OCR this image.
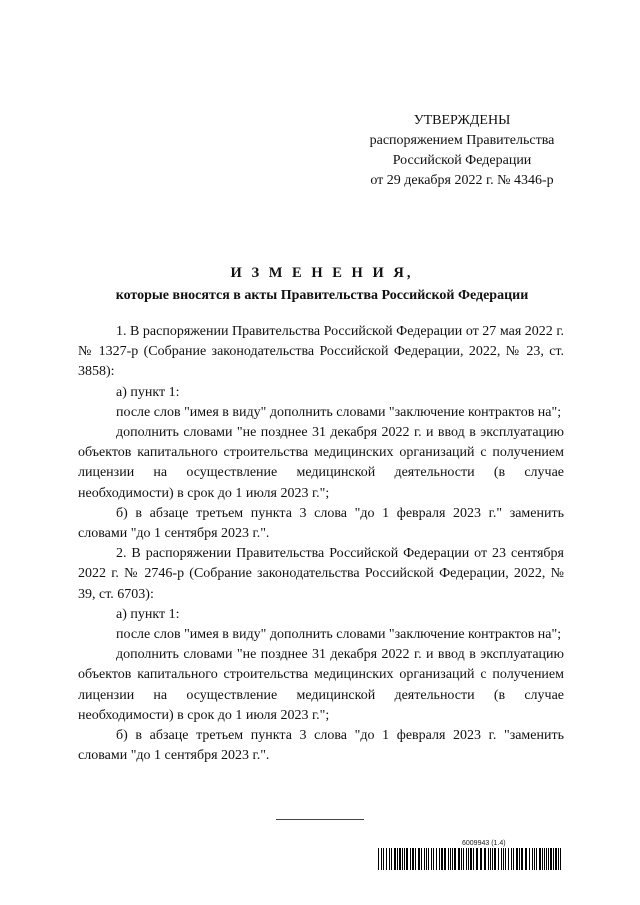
УТВЕРЖДЕНЫ
распоряжением Правительства
Российской Федерации
от 29 декабря 2022 г. № 4346-р
И З М Е Н Е Н И Я,
которые вносятся в акты Правительства Российской Федерации

1. В распоряжении Правительства Российской Федерации от 27 мая 2022 г. № 1327-р (Собрание законодательства Российской Федерации, 2022, № 23, ст. 3858):

а) пункт 1:

после слов "имея в виду" дополнить словами "заключение контрактов на";

дополнить словами "не позднее 31 декабря 2022 г. и ввод в эксплуатацию объектов капитального строительства медицинских организаций с получением лицензии на осуществление медицинской деятельности (в случае необходимости) в срок до 1 июля 2023 г.";

б) в абзаце третьем пункта 3 слова "до 1 февраля 2023 г." заменить словами "до 1 сентября 2023 г.".

2. В распоряжении Правительства Российской Федерации от 23 сентября 2022 г. № 2746-р (Собрание законодательства Российской Федерации, 2022, № 39, ст. 6703):

а) пункт 1:

после слов "имея в виду" дополнить словами "заключение контрактов на";

дополнить словами "не позднее 31 декабря 2022 г. и ввод в эксплуатацию объектов капитального строительства медицинских организаций с получением лицензии на осуществление медицинской деятельности (в случае необходимости) в срок до 1 июля 2023 г.";

б) в абзаце третьем пункта 3 слова "до 1 февраля 2023 г. "заменить словами "до 1 сентября 2023 г.".

6009943 (1.4)
